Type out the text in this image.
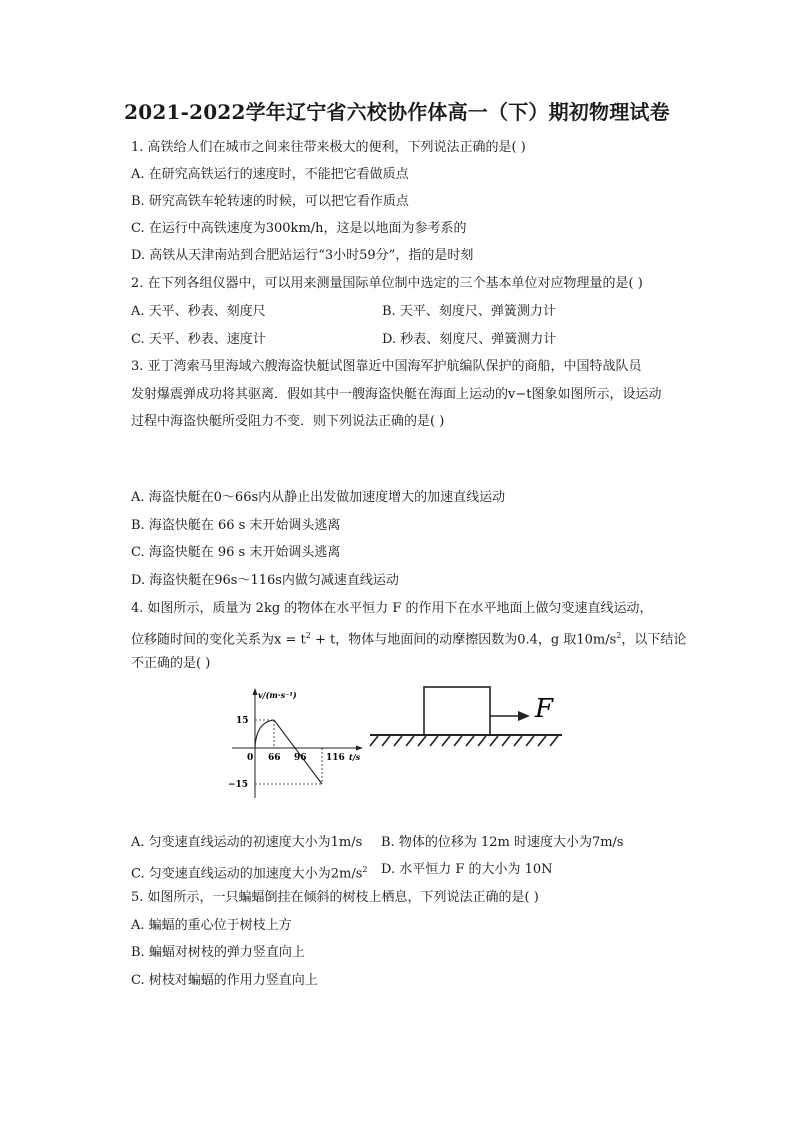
2021-2022学年辽宁省六校协作体高一（下）期初物理试卷
1. 高铁给人们在城市之间来往带来极大的便利，下列说法正确的是( )
A. 在研究高铁运行的速度时，不能把它看做质点
B. 研究高铁车轮转速的时候，可以把它看作质点
C. 在运行中高铁速度为300km/h，这是以地面为参考系的
D. 高铁从天津南站到合肥站运行“3小时59分”，指的是时刻
2. 在下列各组仪器中，可以用来测量国际单位制中选定的三个基本单位对应物理量的是( )
A. 天平、秒表、刻度尺	B. 天平、刻度尺、弹簧测力计
C. 天平、秒表、速度计	D. 秒表、刻度尺、弹簧测力计
3. 亚丁湾索马里海域六艘海盗快艇试图靠近中国海军护航编队保护的商船，中国特战队员
发射爆震弹成功将其驱离．假如其中一艘海盗快艇在海面上运动的v−t图象如图所示，设运动
过程中海盗快艇所受阻力不变．则下列说法正确的是( )
A. 海盗快艇在0～66s内从静止出发做加速度增大的加速直线运动
B. 海盗快艇在 66 s 末开始调头逃离
C. 海盗快艇在 96 s 末开始调头逃离
D. 海盗快艇在96s～116s内做匀减速直线运动
4. 如图所示，质量为 2kg 的物体在水平恒力 F 的作用下在水平地面上做匀变速直线运动，
位移随时间的变化关系为$x = t^2 + t$，物体与地面间的动摩擦因数为0.4，g 取$10m/s^2$，以下结论
不正确的是( )
v/(m·s⁻¹)
15
−15
0 66 96 116 t/s
F
A. 匀变速直线运动的初速度大小为1m/s B. 物体的位移为 12m 时速度大小为7m/s
C. 匀变速直线运动的加速度大小为$2m/s^2$ D. 水平恒力 F 的大小为 10N
5. 如图所示，一只蝙蝠倒挂在倾斜的树枝上栖息，下列说法正确的是( )
A. 蝙蝠的重心位于树枝上方
B. 蝙蝠对树枝的弹力竖直向上
C. 树枝对蝙蝠的作用力竖直向上
